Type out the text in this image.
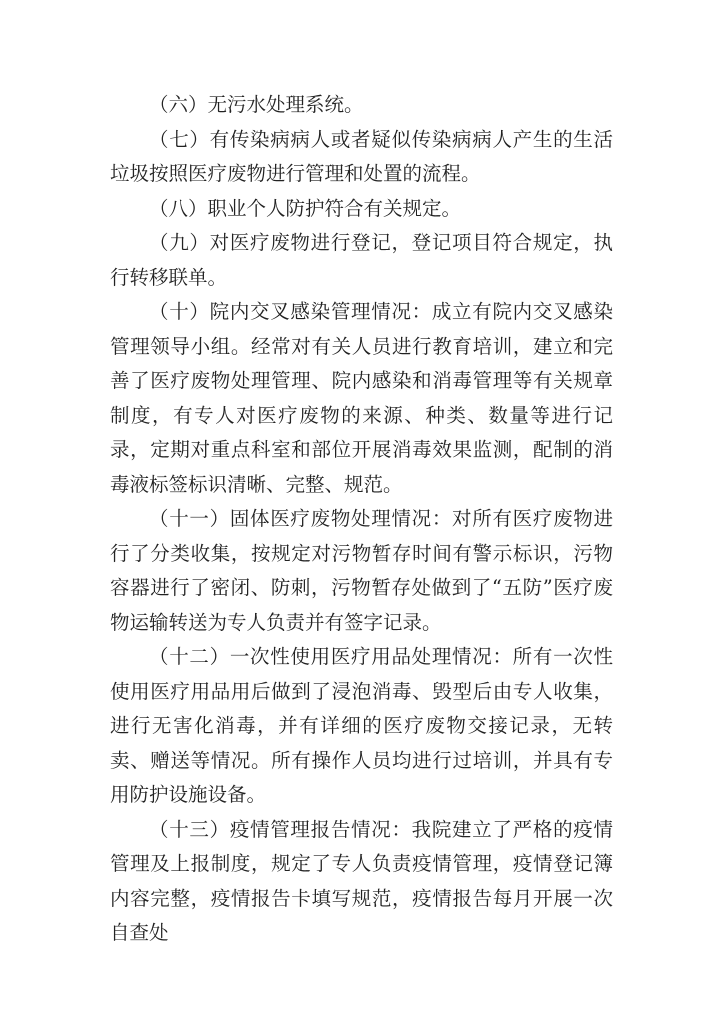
（六）无污水处理系统。

（七）有传染病病人或者疑似传染病病人产生的生活垃圾按照医疗废物进行管理和处置的流程。

（八）职业个人防护符合有关规定。

（九）对医疗废物进行登记，登记项目符合规定，执行转移联单。

（十）院内交叉感染管理情况：成立有院内交叉感染管理领导小组。经常对有关人员进行教育培训，建立和完善了医疗废物处理管理、院内感染和消毒管理等有关规章制度，有专人对医疗废物的来源、种类、数量等进行记录，定期对重点科室和部位开展消毒效果监测，配制的消毒液标签标识清晰、完整、规范。

（十一）固体医疗废物处理情况：对所有医疗废物进行了分类收集，按规定对污物暂存时间有警示标识，污物容器进行了密闭、防刺，污物暂存处做到了“五防”医疗废物运输转送为专人负责并有签字记录。

（十二）一次性使用医疗用品处理情况：所有一次性使用医疗用品用后做到了浸泡消毒、毁型后由专人收集，进行无害化消毒，并有详细的医疗废物交接记录，无转卖、赠送等情况。所有操作人员均进行过培训，并具有专用防护设施设备。

（十三）疫情管理报告情况：我院建立了严格的疫情管理及上报制度，规定了专人负责疫情管理，疫情登记簿内容完整，疫情报告卡填写规范，疫情报告每月开展一次自查处
